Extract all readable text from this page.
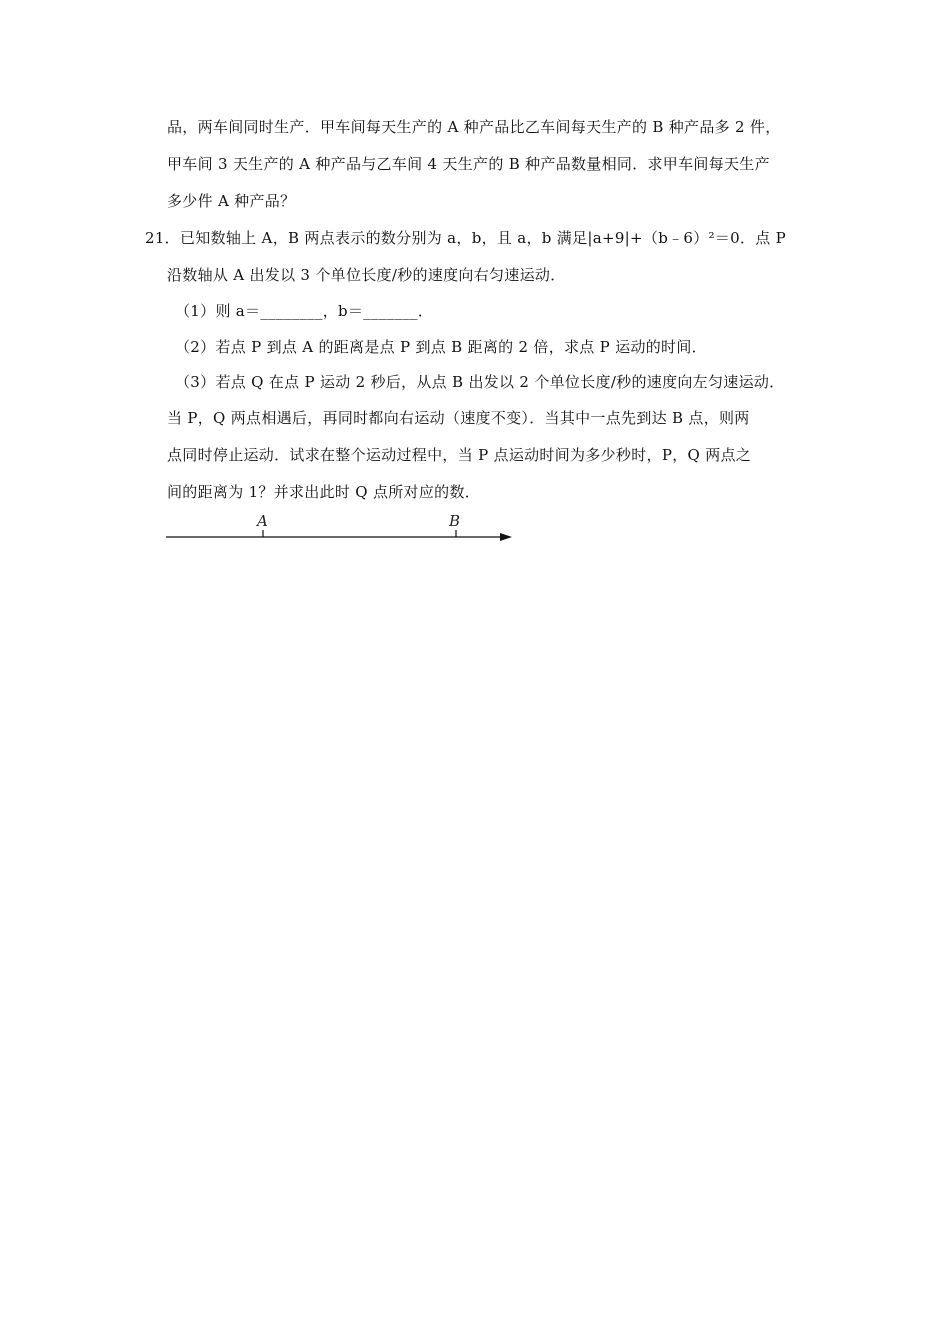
品，两车间同时生产．甲车间每天生产的 A 种产品比乙车间每天生产的 B 种产品多 2 件，
甲车间 3 天生产的 A 种产品与乙车间 4 天生产的 B 种产品数量相同．求甲车间每天生产
多少件 A 种产品？
21．已知数轴上 A，B 两点表示的数分别为 a，b，且 a，b 满足|a+9|+（b﹣6）²＝0．点 P
沿数轴从 A 出发以 3 个单位长度/秒的速度向右匀速运动．
（1）则 a＝________，b＝_______．
（2）若点 P 到点 A 的距离是点 P 到点 B 距离的 2 倍，求点 P 运动的时间．
（3）若点 Q 在点 P 运动 2 秒后，从点 B 出发以 2 个单位长度/秒的速度向左匀速运动．
当 P，Q 两点相遇后，再同时都向右运动（速度不变）．当其中一点先到达 B 点，则两
点同时停止运动．试求在整个运动过程中，当 P 点运动时间为多少秒时，P，Q 两点之
间的距离为 1？并求出此时 Q 点所对应的数．
A	B
